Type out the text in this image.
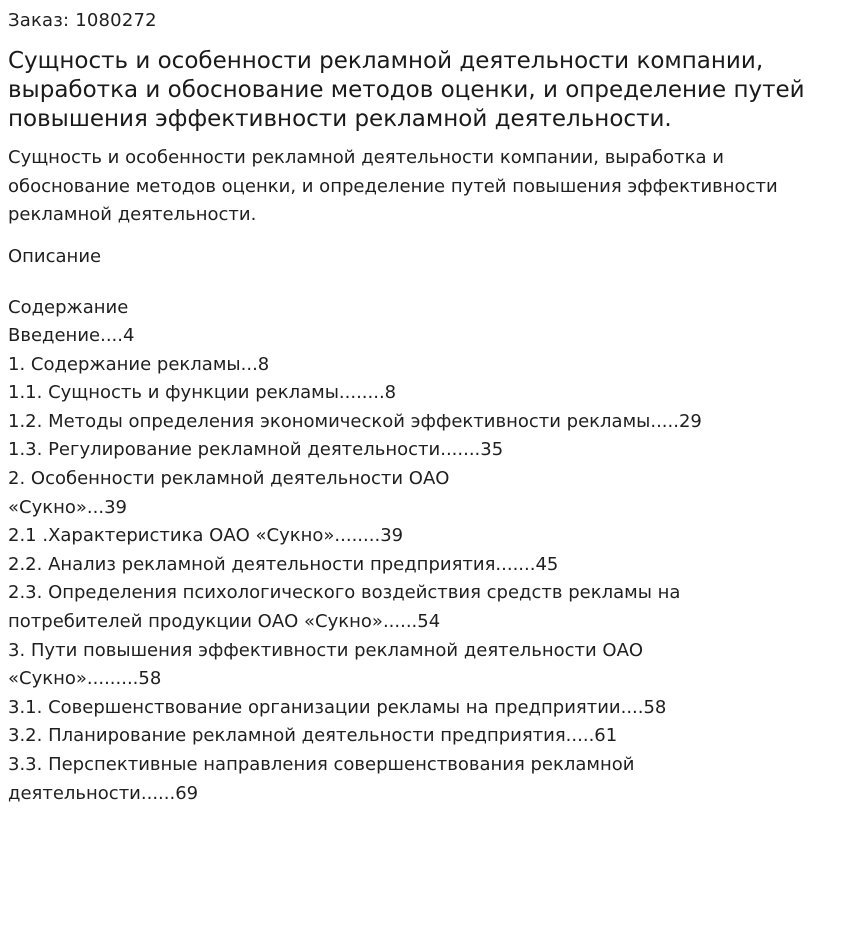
Заказ: 1080272
Сущность и особенности рекламной деятельности компании, выработка и обоснование методов оценки, и определение путей повышения эффективности рекламной деятельности.
Сущность и особенности рекламной деятельности компании, выработка и обоснование методов оценки, и определение путей повышения эффективности рекламной деятельности.
Описание
Содержание
Введение....4
1. Содержание рекламы...8
1.1. Сущность и функции рекламы........8
1.2. Методы определения экономической эффективности рекламы.....29
1.3. Регулирование рекламной деятельности.......35
2. Особенности рекламной деятельности ОАО
«Сукно»...39
2.1 .Характеристика ОАО «Сукно»........39
2.2. Анализ рекламной деятельности предприятия.......45
2.3. Определения психологического воздействия средств рекламы на потребителей продукции ОАО «Сукно»......54
3. Пути повышения эффективности рекламной деятельности ОАО «Сукно».........58
3.1. Совершенствование организации рекламы на предприятии....58
3.2. Планирование рекламной деятельности предприятия.....61
3.3. Перспективные направления совершенствования рекламной деятельности......69
